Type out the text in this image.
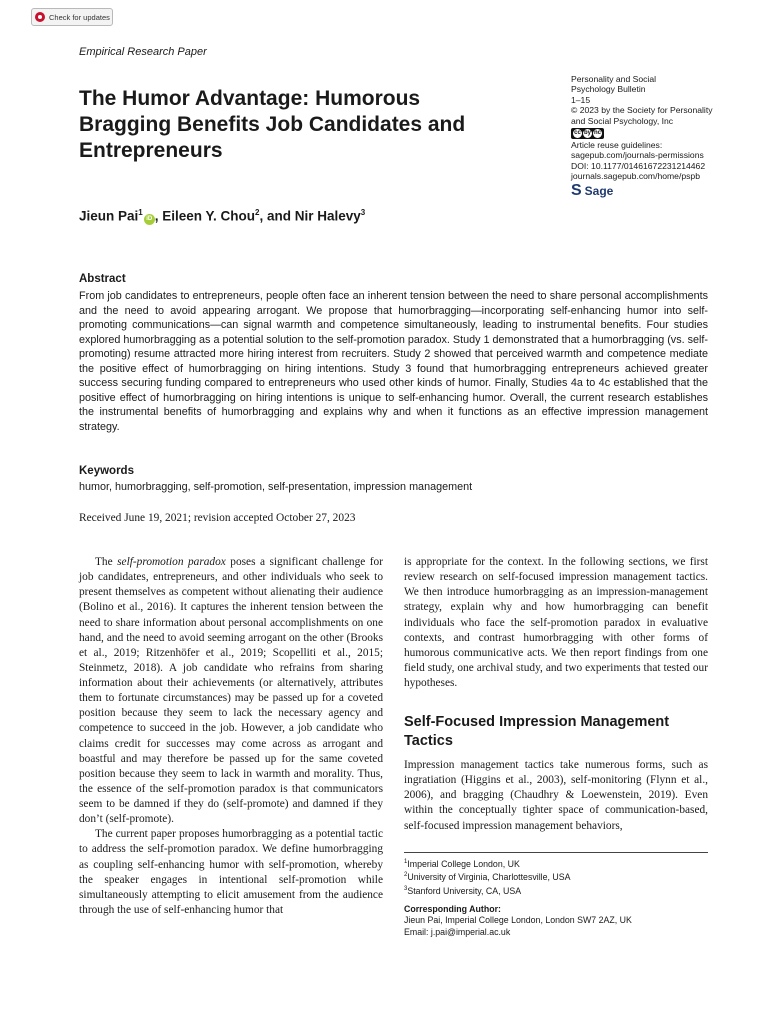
Check for updates
Empirical Research Paper
The Humor Advantage: Humorous Bragging Benefits Job Candidates and Entrepreneurs
Personality and Social
Psychology Bulletin
1–15
© 2023 by the Society for Personality
and Social Psychology, Inc
cc by nc
Article reuse guidelines:
sagepub.com/journals-permissions
DOI: 10.1177/01461672231214462
journals.sagepub.com/home/pspb
S Sage
Jieun Pai$^1$iD , Eileen Y. Chou$^2$, and Nir Halevy$^3$
Abstract
From job candidates to entrepreneurs, people often face an inherent tension between the need to share personal accomplishments and the need to avoid appearing arrogant. We propose that humorbragging—incorporating self-enhancing humor into self-promoting communications—can signal warmth and competence simultaneously, leading to instrumental benefits. Four studies explored humorbragging as a potential solution to the self-promotion paradox. Study 1 demonstrated that a humorbragging (vs. self-promoting) resume attracted more hiring interest from recruiters. Study 2 showed that perceived warmth and competence mediate the positive effect of humorbragging on hiring intentions. Study 3 found that humorbragging entrepreneurs achieved greater success securing funding compared to entrepreneurs who used other kinds of humor. Finally, Studies 4a to 4c established that the positive effect of humorbragging on hiring intentions is unique to self-enhancing humor. Overall, the current research establishes the instrumental benefits of humorbragging and explains why and when it functions as an effective impression management strategy.
Keywords
humor, humorbragging, self-promotion, self-presentation, impression management
Received June 19, 2021; revision accepted October 27, 2023

The self-promotion paradox poses a significant challenge for job candidates, entrepreneurs, and other individuals who seek to present themselves as competent without alienating their audience (Bolino et al., 2016). It captures the inherent tension between the need to share information about personal accomplishments on one hand, and the need to avoid seeming arrogant on the other (Brooks et al., 2019; Ritzenhöfer et al., 2019; Scopelliti et al., 2015; Steinmetz, 2018). A job candidate who refrains from sharing information about their achievements (or alternatively, attributes them to fortunate circumstances) may be passed up for a coveted position because they seem to lack the necessary agency and competence to succeed in the job. However, a job candidate who claims credit for successes may come across as arrogant and boastful and may therefore be passed up for the same coveted position because they seem to lack in warmth and morality. Thus, the essence of the self-promotion paradox is that communicators seem to be damned if they do (self-promote) and damned if they don’t (self-promote).

The current paper proposes humorbragging as a potential tactic to address the self-promotion paradox. We define humorbragging as coupling self-enhancing humor with self-promotion, whereby the speaker engages in intentional self-promotion while simultaneously attempting to elicit amusement from the audience through the use of self-enhancing humor that

is appropriate for the context. In the following sections, we first review research on self-focused impression management tactics. We then introduce humorbragging as an impression-management strategy, explain why and how humorbragging can benefit individuals who face the self-promotion paradox in evaluative contexts, and contrast humorbragging with other forms of humorous communicative acts. We then report findings from one field study, one archival study, and two experiments that tested our hypotheses.

Self-Focused Impression Management Tactics

Impression management tactics take numerous forms, such as ingratiation (Higgins et al., 2003), self-monitoring (Flynn et al., 2006), and bragging (Chaudhry & Loewenstein, 2019). Even within the conceptually tighter space of communication-based, self-focused impression management behaviors,

$^1$Imperial College London, UK
$^2$University of Virginia, Charlottesville, USA
$^3$Stanford University, CA, USA
Corresponding Author:
Jieun Pai, Imperial College London, London SW7 2AZ, UK
Email: j.pai@imperial.ac.uk
